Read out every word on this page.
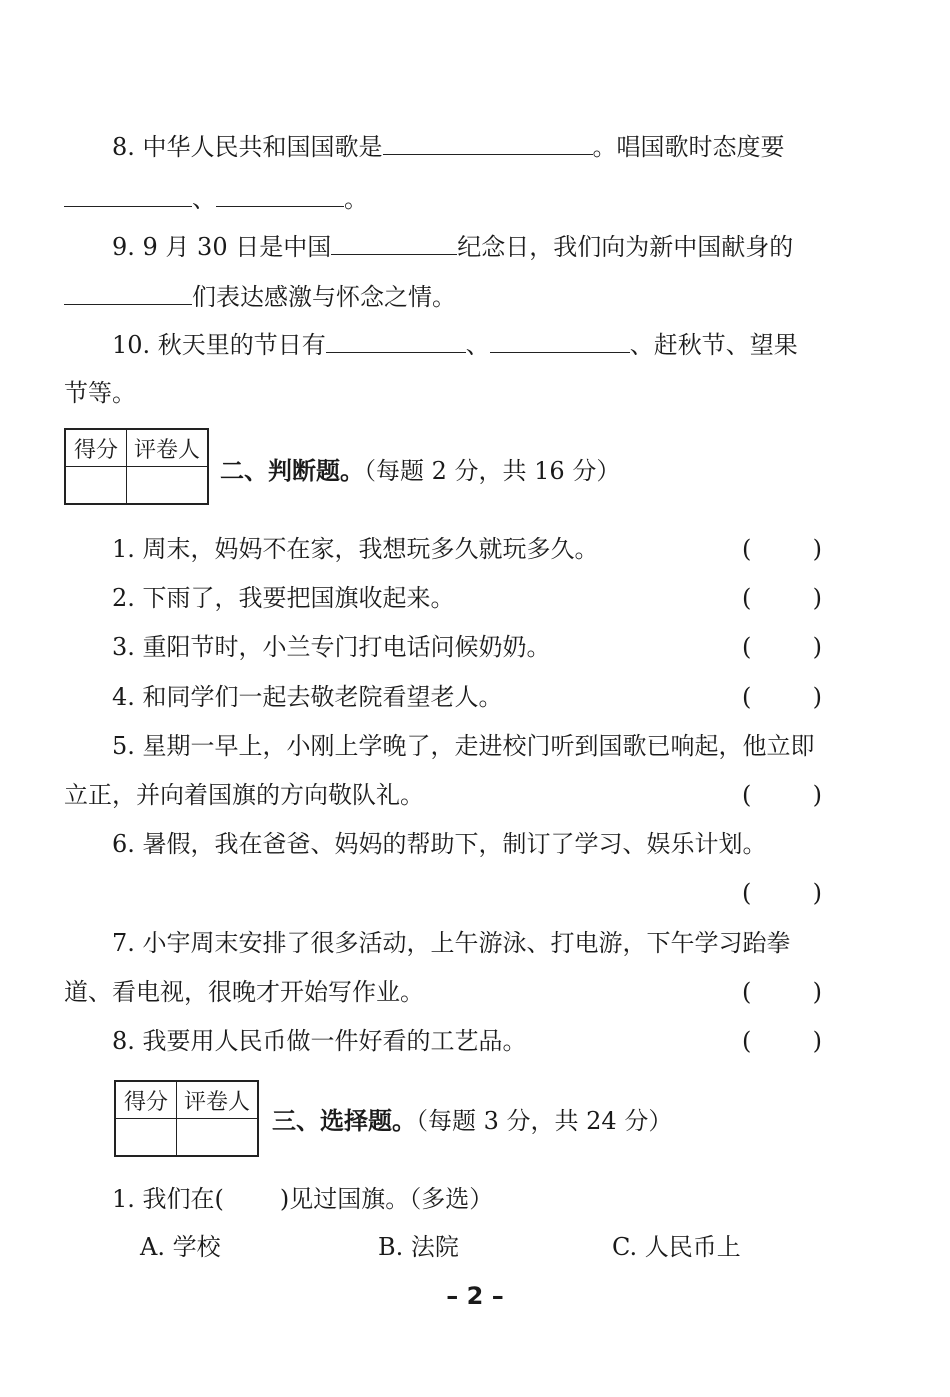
8. 中华人民共和国国歌是	。唱国歌时态度要
、	。
9. 9 月 30 日是中国	纪念日，我们向为新中国献身的
们表达感激与怀念之情。
10. 秋天里的节日有	、	、赶秋节、望果
节等。
得分	评卷人

二、判断题。（每题 2 分，共 16 分）
1. 周末，妈妈不在家，我想玩多久就玩多久。	(	)
2. 下雨了，我要把国旗收起来。	(	)
3. 重阳节时，小兰专门打电话问候奶奶。	(	)
4. 和同学们一起去敬老院看望老人。	(	)
5. 星期一早上，小刚上学晚了，走进校门听到国歌已响起，他立即
立正，并向着国旗的方向敬队礼。	(	)
6. 暑假，我在爸爸、妈妈的帮助下，制订了学习、娱乐计划。
(	)
7. 小宇周末安排了很多活动，上午游泳、打电游，下午学习跆拳
道、看电视，很晚才开始写作业。	(	)
8. 我要用人民币做一件好看的工艺品。	(	)
得分	评卷人

三、选择题。（每题 3 分，共 24 分）
1. 我们在( )见过国旗。（多选）
A. 学校	B. 法院	C. 人民币上
– 2 –
